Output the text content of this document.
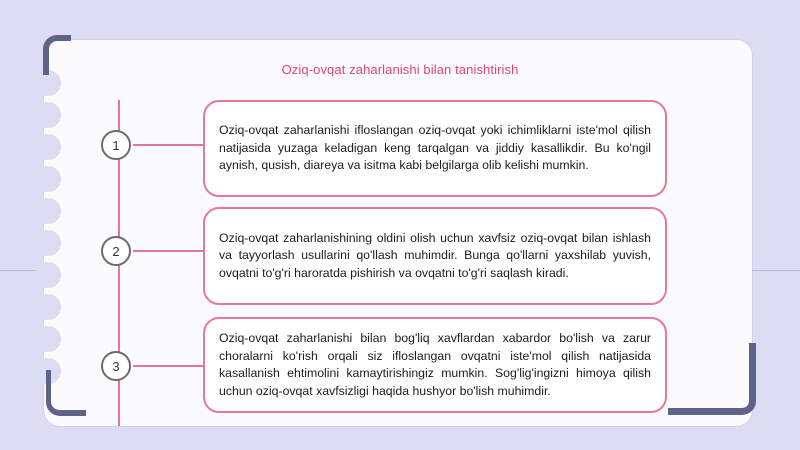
Oziq-ovqat zaharlanishi bilan tanishtirish
1
2
3

Oziq-ovqat zaharlanishi ifloslangan oziq-ovqat yoki ichimliklarni iste'mol qilish natijasida yuzaga keladigan keng tarqalgan va jiddiy kasallikdir. Bu ko'ngil aynish, qusish, diareya va isitma kabi belgilarga olib kelishi mumkin.

Oziq-ovqat zaharlanishining oldini olish uchun xavfsiz oziq-ovqat bilan ishlash va tayyorlash usullarini qo'llash muhimdir. Bunga qo'llarni yaxshilab yuvish, ovqatni to'g'ri haroratda pishirish va ovqatni to'g'ri saqlash kiradi.

Oziq-ovqat zaharlanishi bilan bog'liq xavflardan xabardor bo'lish va zarur choralarni ko'rish orqali siz ifloslangan ovqatni iste'mol qilish natijasida kasallanish ehtimolini kamaytirishingiz mumkin. Sog'lig'ingizni himoya qilish uchun oziq-ovqat xavfsizligi haqida hushyor bo'lish muhimdir.
